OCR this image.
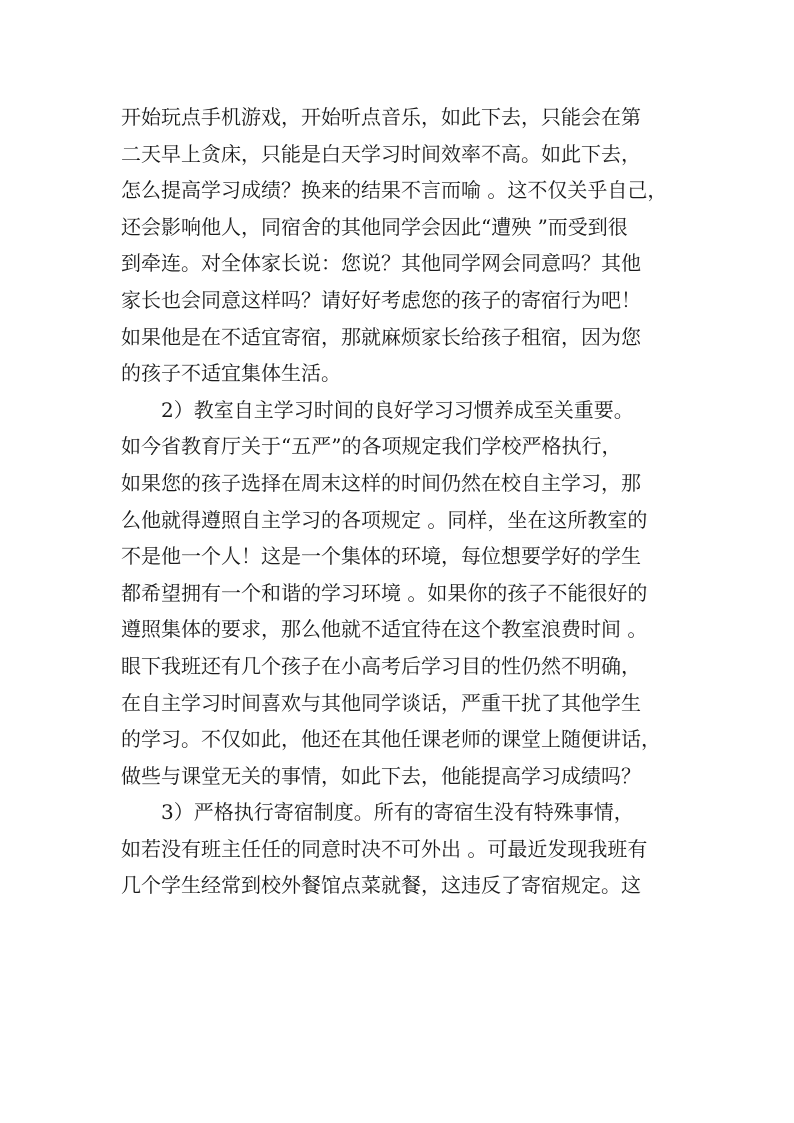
开始玩点手机游戏，开始听点音乐，如此下去，只能会在第
二天早上贪床，只能是白天学习时间效率不高。如此下去，
怎么提高学习成绩？换来的结果不言而喻 。这不仅关乎自己，
还会影响他人，同宿舍的其他同学会因此“遭殃 ”而受到很
到牵连。对全体家长说：您说？其他同学网会同意吗？其他
家长也会同意这样吗？请好好考虑您的孩子的寄宿行为吧！
如果他是在不适宜寄宿，那就麻烦家长给孩子租宿，因为您
的孩子不适宜集体生活。
　　2）教室自主学习时间的良好学习习惯养成至关重要。
如今省教育厅关于“五严”的各项规定我们学校严格执行，
如果您的孩子选择在周末这样的时间仍然在校自主学习，那
么他就得遵照自主学习的各项规定 。同样，坐在这所教室的
不是他一个人！这是一个集体的环境，每位想要学好的学生
都希望拥有一个和谐的学习环境 。如果你的孩子不能很好的
遵照集体的要求，那么他就不适宜待在这个教室浪费时间 。
眼下我班还有几个孩子在小高考后学习目的性仍然不明确，
在自主学习时间喜欢与其他同学谈话，严重干扰了其他学生
的学习。不仅如此，他还在其他任课老师的课堂上随便讲话，
做些与课堂无关的事情，如此下去，他能提高学习成绩吗？
　　3）严格执行寄宿制度。所有的寄宿生没有特殊事情，
如若没有班主任任的同意时决不可外出 。可最近发现我班有
几个学生经常到校外餐馆点菜就餐，这违反了寄宿规定。这
